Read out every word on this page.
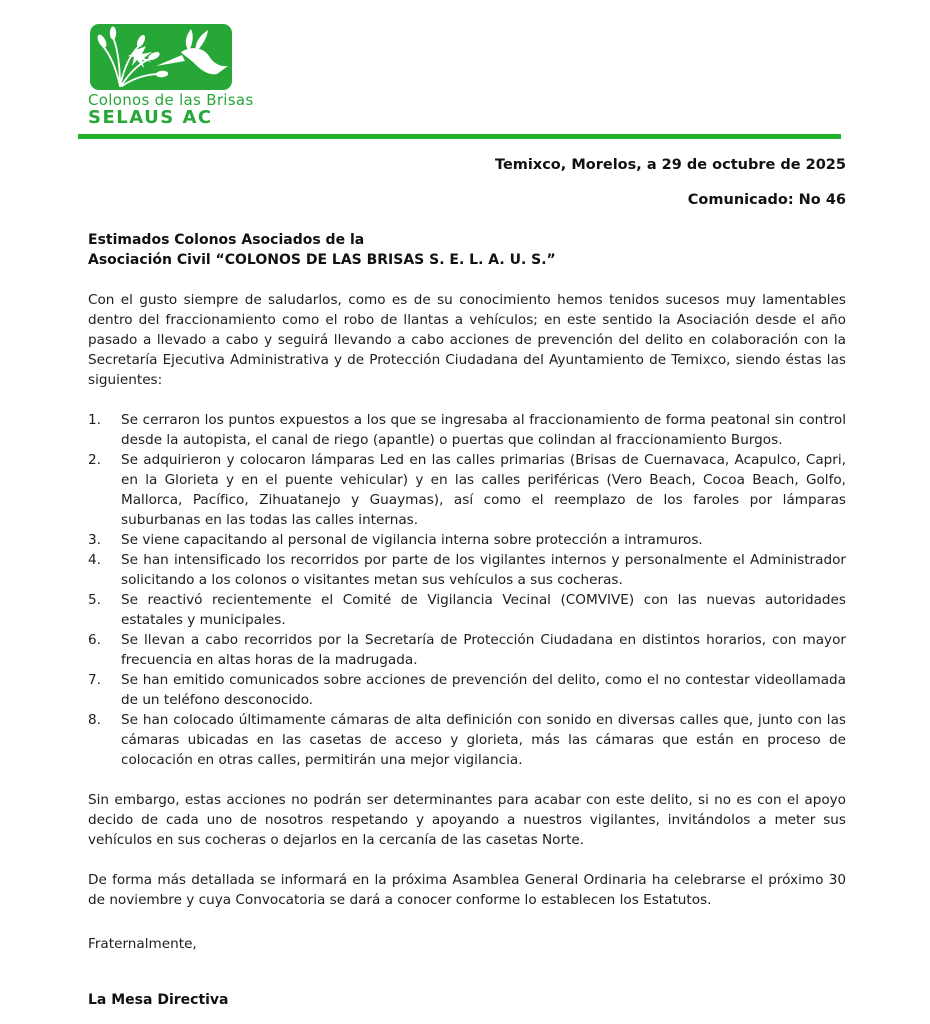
Colonos de las Brisas
SELAUS AC
Temixco, Morelos, a 29 de octubre de 2025
Comunicado: No 46

Estimados Colonos Asociados de la
Asociación Civil “COLONOS DE LAS BRISAS S. E. L. A. U. S.”

Con el gusto siempre de saludarlos, como es de su conocimiento hemos tenidos sucesos muy lamentables dentro del fraccionamiento como el robo de llantas a vehículos; en este sentido la Asociación desde el año pasado a llevado a cabo y seguirá llevando a cabo acciones de prevención del delito en colaboración con la Secretaría Ejecutiva Administrativa y de Protección Ciudadana del Ayuntamiento de Temixco, siendo éstas las siguientes:

1.	Se cerraron los puntos expuestos a los que se ingresaba al fraccionamiento de forma peatonal sin control desde la autopista, el canal de riego (apantle) o puertas que colindan al fraccionamiento Burgos.
2.	Se adquirieron y colocaron lámparas Led en las calles primarias (Brisas de Cuernavaca, Acapulco, Capri, en la Glorieta y en el puente vehicular) y en las calles periféricas (Vero Beach, Cocoa Beach, Golfo, Mallorca, Pacífico, Zihuatanejo y Guaymas), así como el reemplazo de los faroles por lámparas suburbanas en las todas las calles internas.
3.	Se viene capacitando al personal de vigilancia interna sobre protección a intramuros.
4.	Se han intensificado los recorridos por parte de los vigilantes internos y personalmente el Administrador solicitando a los colonos o visitantes metan sus vehículos a sus cocheras.
5.	Se reactivó recientemente el Comité de Vigilancia Vecinal (COMVIVE) con las nuevas autoridades estatales y municipales.
6.	Se llevan a cabo recorridos por la Secretaría de Protección Ciudadana en distintos horarios, con mayor frecuencia en altas horas de la madrugada.
7.	Se han emitido comunicados sobre acciones de prevención del delito, como el no contestar videollamada de un teléfono desconocido.
8.	Se han colocado últimamente cámaras de alta definición con sonido en diversas calles que, junto con las cámaras ubicadas en las casetas de acceso y glorieta, más las cámaras que están en proceso de colocación en otras calles, permitirán una mejor vigilancia.

Sin embargo, estas acciones no podrán ser determinantes para acabar con este delito, si no es con el apoyo decido de cada uno de nosotros respetando y apoyando a nuestros vigilantes, invitándolos a meter sus vehículos en sus cocheras o dejarlos en la cercanía de las casetas Norte.

De forma más detallada se informará en la próxima Asamblea General Ordinaria ha celebrarse el próximo 30 de noviembre y cuya Convocatoria se dará a conocer conforme lo establecen los Estatutos.

Fraternalmente,

La Mesa Directiva
